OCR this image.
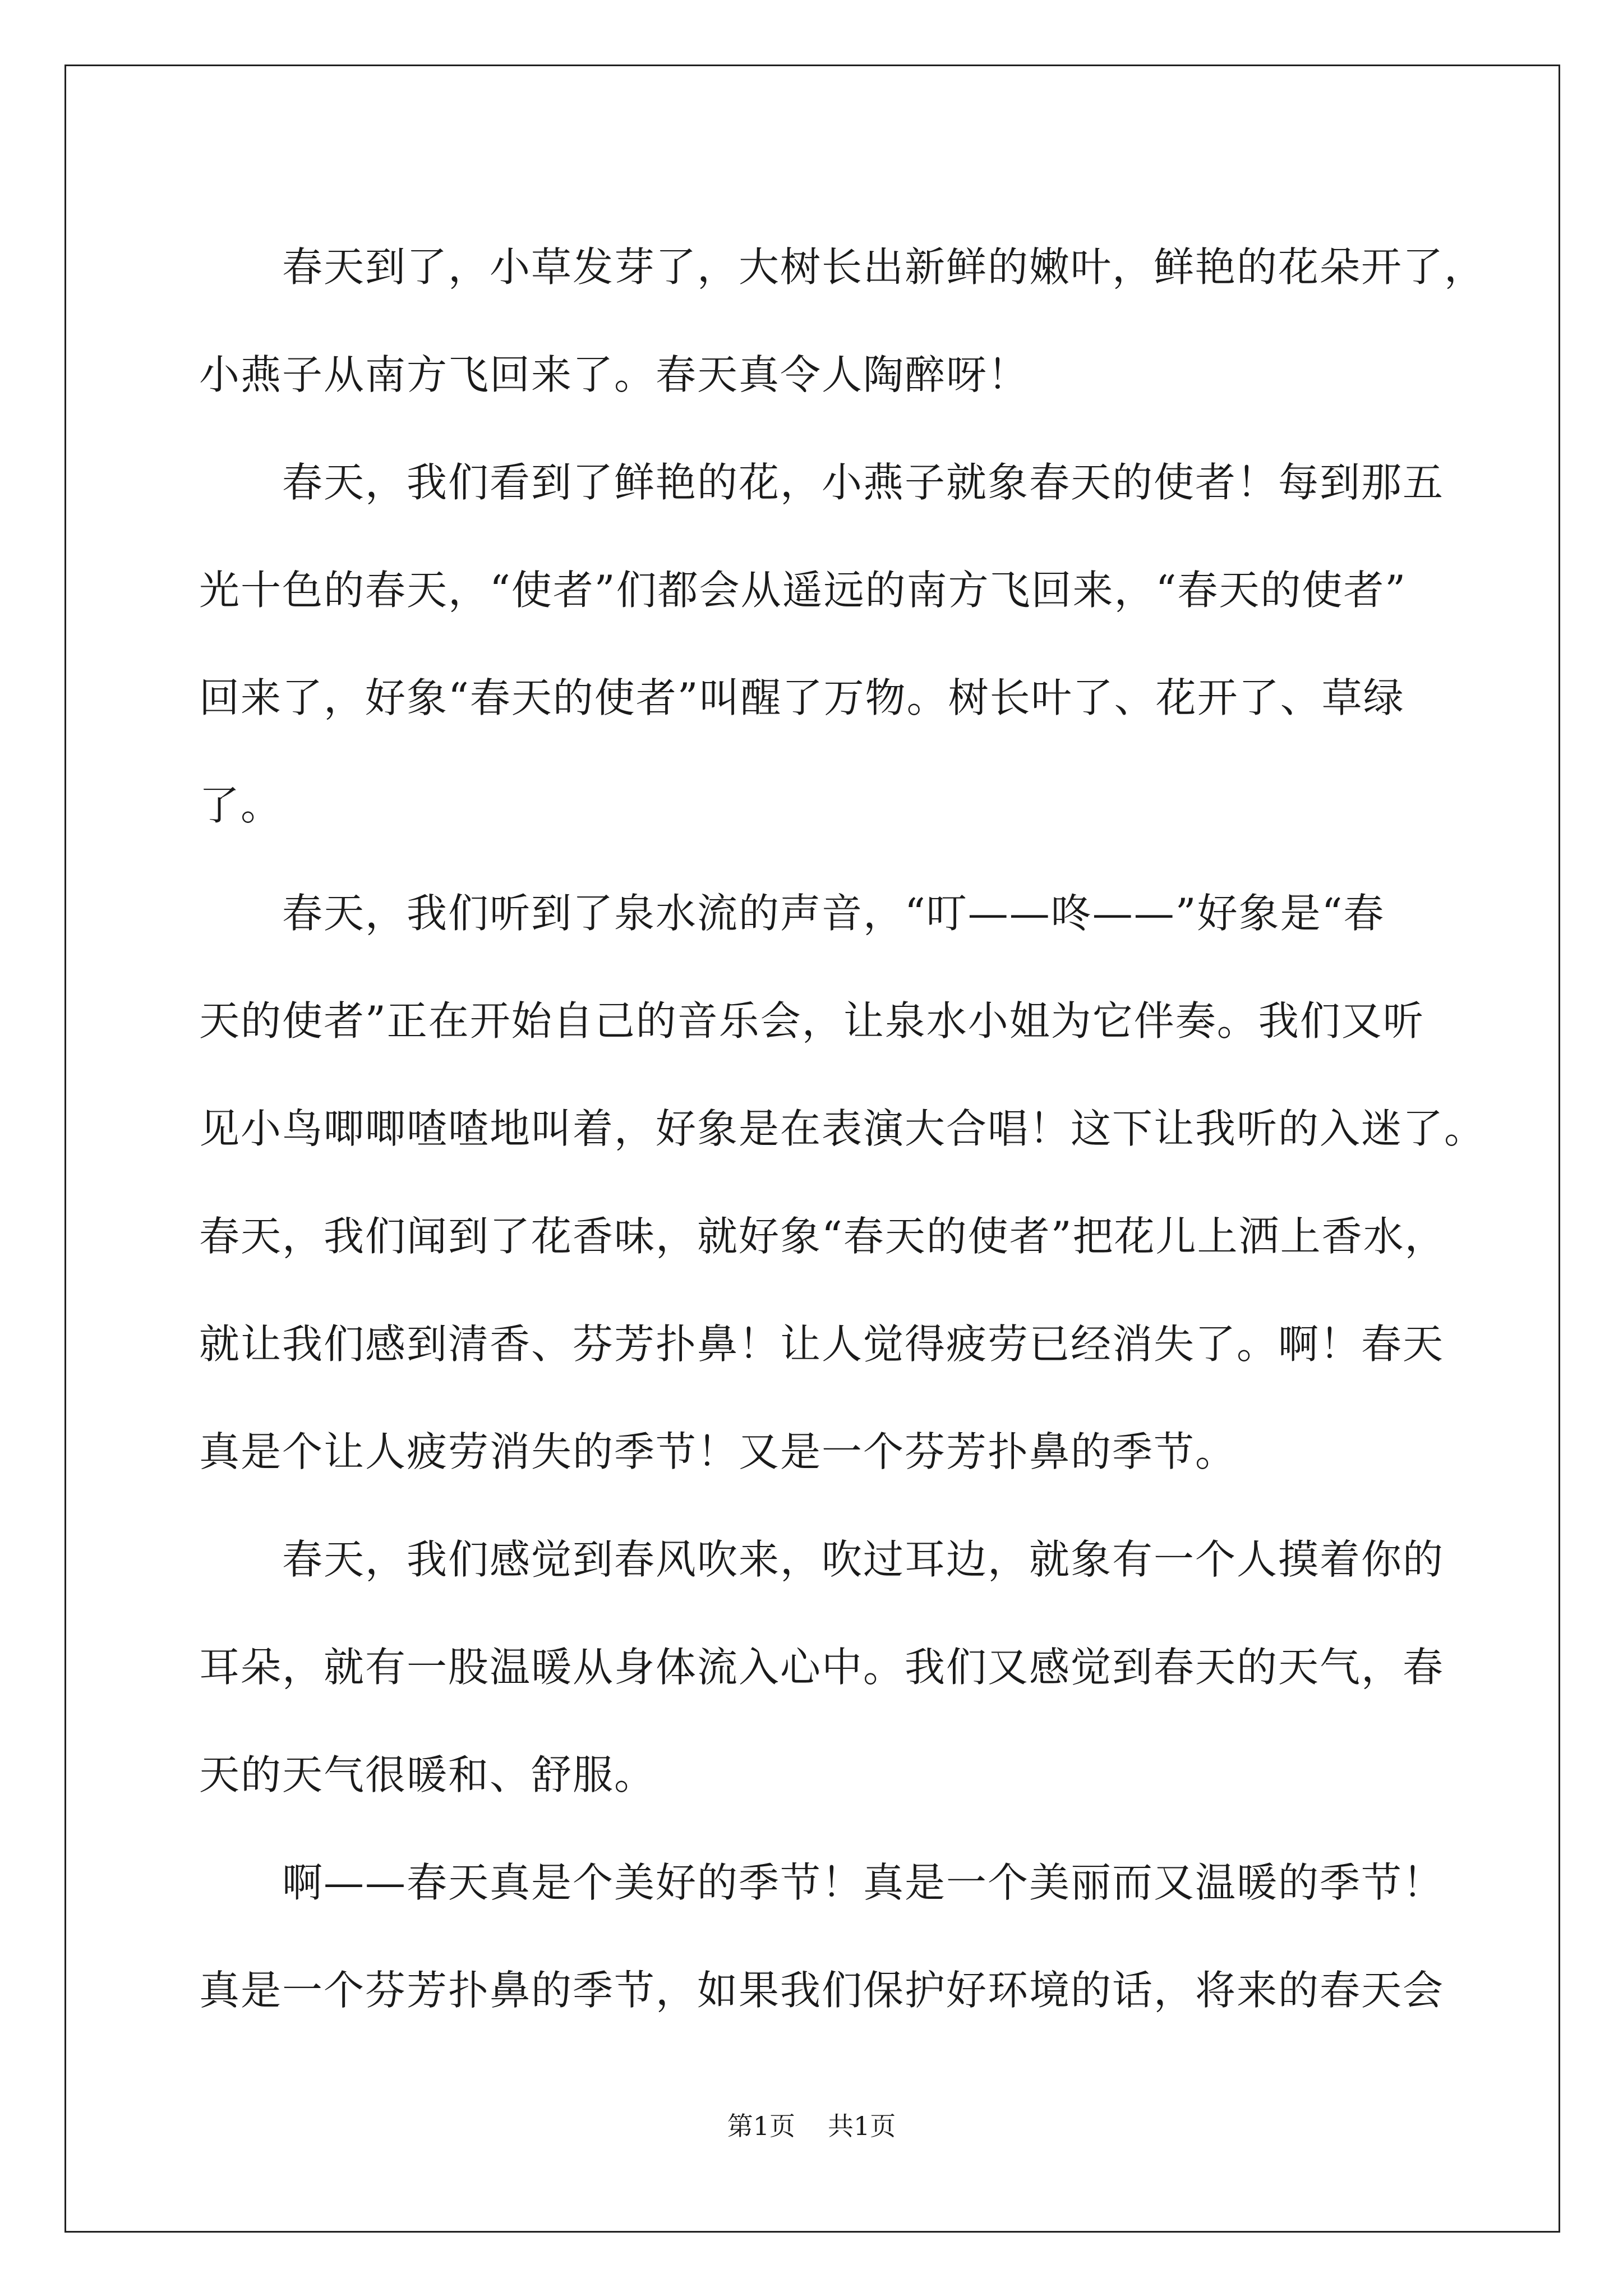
春天到了，小草发芽了，大树长出新鲜的嫩叶，鲜艳的花朵开了，
小燕子从南方飞回来了。春天真令人陶醉呀！
春天，我们看到了鲜艳的花，小燕子就象春天的使者！每到那五
光十色的春天，“使者”们都会从遥远的南方飞回来，“春天的使者”
回来了，好象“春天的使者”叫醒了万物。树长叶了、花开了、草绿
了。
春天，我们听到了泉水流的声音，“叮——咚——”好象是“春
天的使者”正在开始自己的音乐会，让泉水小姐为它伴奏。我们又听
见小鸟唧唧喳喳地叫着，好象是在表演大合唱！这下让我听的入迷了。
春天，我们闻到了花香味，就好象“春天的使者”把花儿上洒上香水，
就让我们感到清香、芬芳扑鼻！让人觉得疲劳已经消失了。啊！春天
真是个让人疲劳消失的季节！又是一个芬芳扑鼻的季节。
春天，我们感觉到春风吹来，吹过耳边，就象有一个人摸着你的
耳朵，就有一股温暖从身体流入心中。我们又感觉到春天的天气，春
天的天气很暖和、舒服。
啊——春天真是个美好的季节！真是一个美丽而又温暖的季节！
真是一个芬芳扑鼻的季节，如果我们保护好环境的话，将来的春天会
第1页 共1页
